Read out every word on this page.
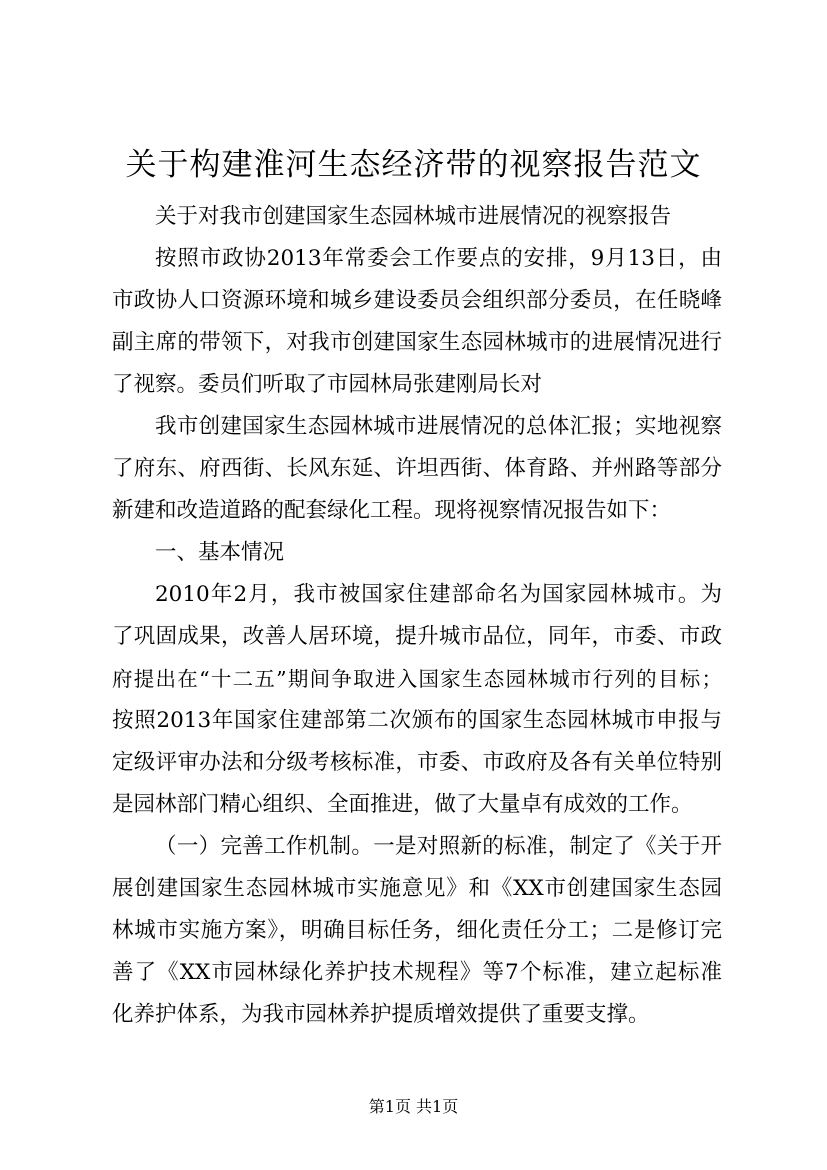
关于构建淮河生态经济带的视察报告范文
关于对我市创建国家生态园林城市进展情况的视察报告
按照市政协2013年常委会工作要点的安排，9月13日，由
市政协人口资源环境和城乡建设委员会组织部分委员，在任晓峰
副主席的带领下，对我市创建国家生态园林城市的进展情况进行
了视察。委员们听取了市园林局张建刚局长对
我市创建国家生态园林城市进展情况的总体汇报；实地视察
了府东、府西街、长风东延、许坦西街、体育路、并州路等部分
新建和改造道路的配套绿化工程。现将视察情况报告如下：
一、基本情况
2010年2月，我市被国家住建部命名为国家园林城市。为
了巩固成果，改善人居环境，提升城市品位，同年，市委、市政
府提出在“十二五”期间争取进入国家生态园林城市行列的目标；
按照2013年国家住建部第二次颁布的国家生态园林城市申报与
定级评审办法和分级考核标准，市委、市政府及各有关单位特别
是园林部门精心组织、全面推进，做了大量卓有成效的工作。
（一）完善工作机制。一是对照新的标准，制定了《关于开
展创建国家生态园林城市实施意见》和《XX市创建国家生态园
林城市实施方案》，明确目标任务，细化责任分工；二是修订完
善了《XX市园林绿化养护技术规程》等7个标准，建立起标准
化养护体系，为我市园林养护提质增效提供了重要支撑。
第1页 共1页
